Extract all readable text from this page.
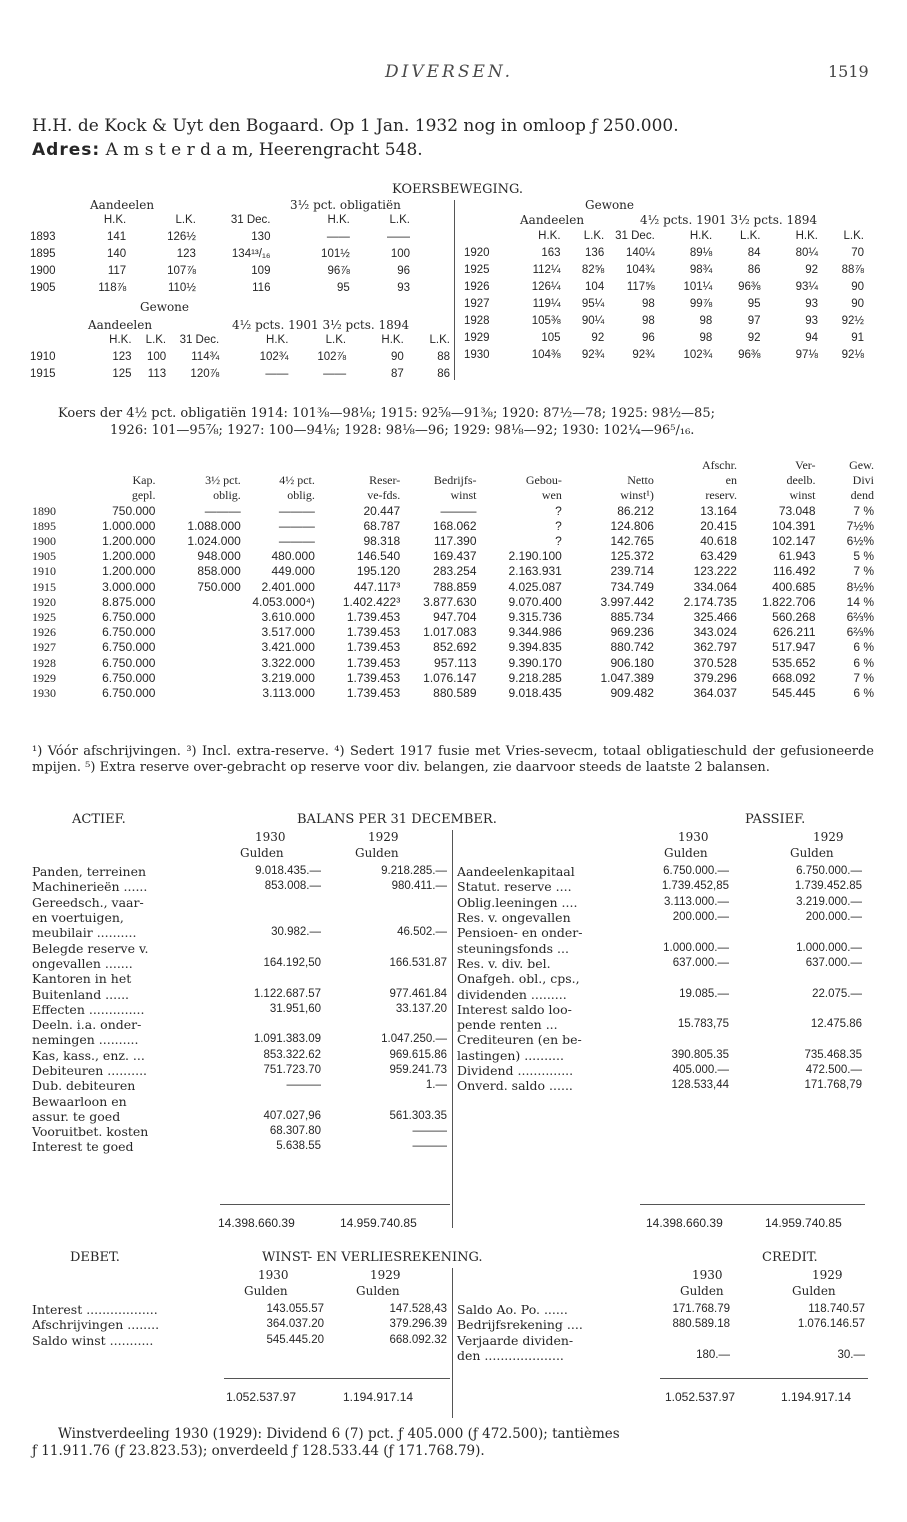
DIVERSEN.	1519
H.H. de Kock & Uyt den Bogaard. Op 1 Jan. 1932 nog in omloop ƒ 250.000.
Adres: A m s t e r d a m, Heerengracht 548.
KOERSBEWEGING.
Aandeelen	3½ pct. obligatiën
	H.K.	L.K.	31 Dec.	H.K.	L.K.
1893	141	126½	130	——	——
1895	140	123	134¹³/₁₆	101½	100
1900	117	107⅞	109	96⅞	96
1905	118⅞	110½	116	95	93
Gewone
Aandeelen	4½ pcts. 1901 3½ pcts. 1894
	H.K.	L.K.	31 Dec.	H.K.	L.K.	H.K.	L.K.
1910	123	100	114¾	102¾	102⅞	90	88
1915	125	113	120⅞	——	——	87	86
Gewone
Aandeelen	4½ pcts. 1901 3½ pcts. 1894
	H.K.	L.K.	31 Dec.	H.K.	L.K.	H.K.	L.K.
1920	163	136	140¼	89⅛	84	80¼	70
1925	112¼	82⅝	104¾	98¾	86	92	88⅞
1926	126¼	104	117⅝	101¼	96⅜	93¼	90
1927	119¼	95¼	98	99⅞	95	93	90
1928	105⅜	90¼	98	98	97	93	92½
1929	105	92	96	98	92	94	91
1930	104⅜	92¾	92¾	102¾	96⅜	97⅛	92⅛
Koers der 4½ pct. obligatiën 1914: 101⅜—98⅛; 1915: 92⅝—91⅜; 1920: 87½—78; 1925: 98½—85;
1926: 101—95⅞; 1927: 100—94⅛; 1928: 98⅛—96; 1929: 98⅛—92; 1930: 102¼—96⁵/₁₆.
								Afschr.	Ver-	Gew.
	Kap.	3½ pct.	4½ pct.	Reser-	Bedrijfs-	Gebou-	Netto	en	deelb.	Divi
	gepl.	oblig.	oblig.	ve-fds.	winst	wen	winst¹)	reserv.	winst	dend
1890	750.000	———	———	20.447	———	?	86.212	13.164	73.048	7 %
1895	1.000.000	1.088.000	———	68.787	168.062	?	124.806	20.415	104.391	7½%
1900	1.200.000	1.024.000	———	98.318	117.390	?	142.765	40.618	102.147	6½%
1905	1.200.000	948.000	480.000	146.540	169.437	2.190.100	125.372	63.429	61.943	5 %
1910	1.200.000	858.000	449.000	195.120	283.254	2.163.931	239.714	123.222	116.492	7 %
1915	3.000.000	750.000	2.401.000	447.117³	788.859	4.025.087	734.749	334.064	400.685	8½%
1920	8.875.000		4.053.000⁴)	1.402.422³	3.877.630	9.070.400	3.997.442	2.174.735	1.822.706	14 %
1925	6.750.000		3.610.000	1.739.453	947.704	9.315.736	885.734	325.466	560.268	6⅔%
1926	6.750.000		3.517.000	1.739.453	1.017.083	9.344.986	969.236	343.024	626.211	6⅔%
1927	6.750.000		3.421.000	1.739.453	852.692	9.394.835	880.742	362.797	517.947	6 %
1928	6.750.000		3.322.000	1.739.453	957.113	9.390.170	906.180	370.528	535.652	6 %
1929	6.750.000		3.219.000	1.739.453	1.076.147	9.218.285	1.047.389	379.296	668.092	7 %
1930	6.750.000		3.113.000	1.739.453	880.589	9.018.435	909.482	364.037	545.445	6 %
¹) Vóór afschrijvingen. ³) Incl. extra-reserve. ⁴) Sedert 1917 fusie met Vries-sevecm, totaal obligatieschuld der gefusioneerde mpijen. ⁵) Extra reserve over-gebracht op reserve voor div. belangen, zie daarvoor steeds de laatste 2 balansen.
ACTIEF.	BALANS PER 31 DECEMBER.	PASSIEF.
1930	1929
Gulden	Gulden
1930	1929
Gulden	Gulden
Panden, terreinen	9.018.435.—	9.218.285.—
Machinerieën ......	853.008.—	980.411.—
Gereedsch., vaar-		
en voertuigen,		
meubilair ..........	30.982.—	46.502.—
Belegde reserve v.		
ongevallen .......	164.192,50	166.531.87
Kantoren in het		
Buitenland ......	1.122.687.57	977.461.84
Effecten ..............	31.951,60	33.137.20
Deeln. i.a. onder-		
nemingen ..........	1.091.383.09	1.047.250.—
Kas, kass., enz. ...	853.322.62	969.615.86
Debiteuren ..........	751.723.70	959.241.73
Dub. debiteuren	———	1.—
Bewaarloon en		
assur. te goed	407.027,96	561.303.35
Vooruitbet. kosten	68.307.80	———
Interest te goed	5.638.55	———
Aandeelenkapitaal	6.750.000.—	6.750.000.—
Statut. reserve ....	1.739.452,85	1.739.452.85
Oblig.leeningen ....	3.113.000.—	3.219.000.—
Res. v. ongevallen	200.000.—	200.000.—
Pensioen- en onder-		
steuningsfonds ...	1.000.000.—	1.000.000.—
Res. v. div. bel.	637.000.—	637.000.—
Onafgeh. obl., cps.,		
dividenden .........	19.085.—	22.075.—
Interest saldo loo-		
pende renten ...	15.783,75	12.475.86
Crediteuren (en be-		
lastingen) ..........	390.805.35	735.468.35
Dividend ..............	405.000.—	472.500.—
Onverd. saldo ......	128.533,44	171.768,79
14.398.660.39	14.959.740.85	14.398.660.39	14.959.740.85
DEBET.	WINST- EN VERLIESREKENING.	CREDIT.
1930	1929
Gulden	Gulden
1930	1929
Gulden	Gulden
Interest ..................	143.055.57	147.528,43
Afschrijvingen ........	364.037.20	379.296.39
Saldo winst ...........	545.445.20	668.092.32
Saldo Ao. Po. ......	171.768.79	118.740.57
Bedrijfsrekening ....	880.589.18	1.076.146.57
Verjaarde dividen-		
den ....................	180.—	30.—
1.052.537.97	1.194.917.14	1.052.537.97	1.194.917.14
Winstverdeeling 1930 (1929): Dividend 6 (7) pct. ƒ 405.000 (ƒ 472.500); tantièmes
ƒ 11.911.76 (ƒ 23.823.53); onverdeeld ƒ 128.533.44 (ƒ 171.768.79).
